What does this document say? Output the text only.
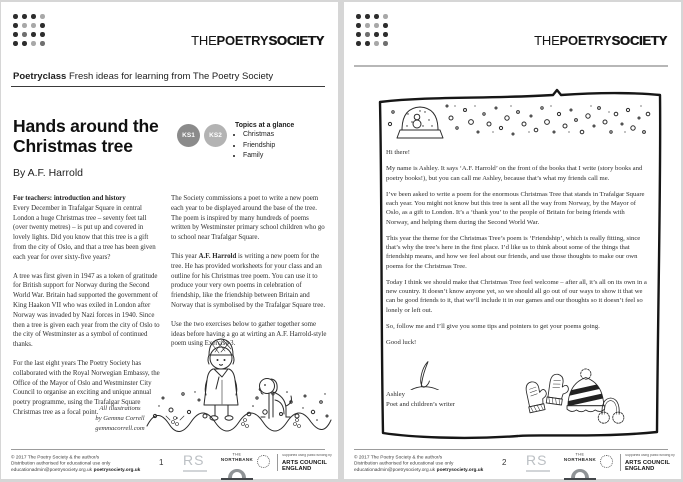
THEPOETRYSOCIETY
Poetryclass Fresh ideas for learning from The Poetry Society
Hands around the
Christmas tree
KS1 KS2
Topics at a glance
• Christmas
• Friendship
• Family
By A.F. Harrold
For teachers: introduction and history

Every December in Trafalgar Square in central London a huge Christmas tree – seventy feet tall (over twenty metres) – is put up and covered in lovely lights. Did you know that this tree is a gift from the city of Oslo, and that a tree has been given each year for over sixty-five years?

A tree was first given in 1947 as a token of gratitude for British support for Norway during the Second World War. Britain had supported the government of King Haakon VII who was exiled in London after Norway was invaded by Nazi forces in 1940. Since then a tree is given each year from the city of Oslo to the city of Westminster as a symbol of continued thanks.

For the last eight years The Poetry Society has collaborated with the Royal Norwegian Embassy, the Office of the Mayor of Oslo and Westminster City Council to organise an exciting and unique annual poetry programme, using the Trafalgar Square Christmas tree as a focal point.

The Society commissions a poet to write a new poem each year to be displayed around the base of the tree. The poem is inspired by many hundreds of poems written by Westminster primary school children who go to school near Trafalgar Square.

This year A.F. Harrold is writing a new poem for the tree. He has provided worksheets for your class and an outline for his Christmas tree poem. You can use it to produce your very own poems in celebration of friendship, like the friendship between Britain and Norway that is symbolised by the Trafalgar Square tree.

Use the two exercises below to gather together some ideas before having a go at wirting an A.F. Harrold-style poem using Exercise 3.

All illustrations
by Gemma Correll
gemmacorrell.com
© 2017 The Poetry Society & the author/s
Distribution authorised for educational use only
educationadmin@poetrysociety.org.uk poetrysociety.org.uk
1 RS	THE
NORTHBANK
Supported using public funding by
ARTS COUNCIL
ENGLAND
THEPOETRYSOCIETY

Hi there!

My name is Ashley. It says ‘A.F. Harrold’ on the front of the books that I write (story books and poetry books!), but you can call me Ashley, because that’s what my friends call me.

I’ve been asked to write a poem for the enormous Christmas Tree that stands in Trafalgar Square each year. You might not know but this tree is sent all the way from Norway, by the Mayor of Oslo, as a gift to London. It’s a ‘thank you’ to the people of Britain for being friends with Norway, and helping them during the Second World War.

This year the theme for the Christmas Tree’s poem is ‘Friendship’, which is really fitting, since that’s why the tree’s here in the first place. I’d like us to think about some of the things that friendship means, and how we feel about our friends, and use those thoughts to make our own poems for the Christmas Tree.

Today I think we should make that Christmas Tree feel welcome – after all, it’s all on its own in a new country. It doesn’t know anyone yet, so we should all go out of our ways to show it that we can be good friends to it, that we’ll include it in our games and our thoughts so it doesn’t feel so lonely or left out.

So, follow me and I’ll give you some tips and pointers to get your poems going.

Good luck!

Ashley
Poet and children’s writer
© 2017 The Poetry Society & the author/s
Distribution authorised for educational use only
educationadmin@poetrysociety.org.uk poetrysociety.org.uk
2 RS	THE
NORTHBANK
Supported using public funding by
ARTS COUNCIL
ENGLAND
